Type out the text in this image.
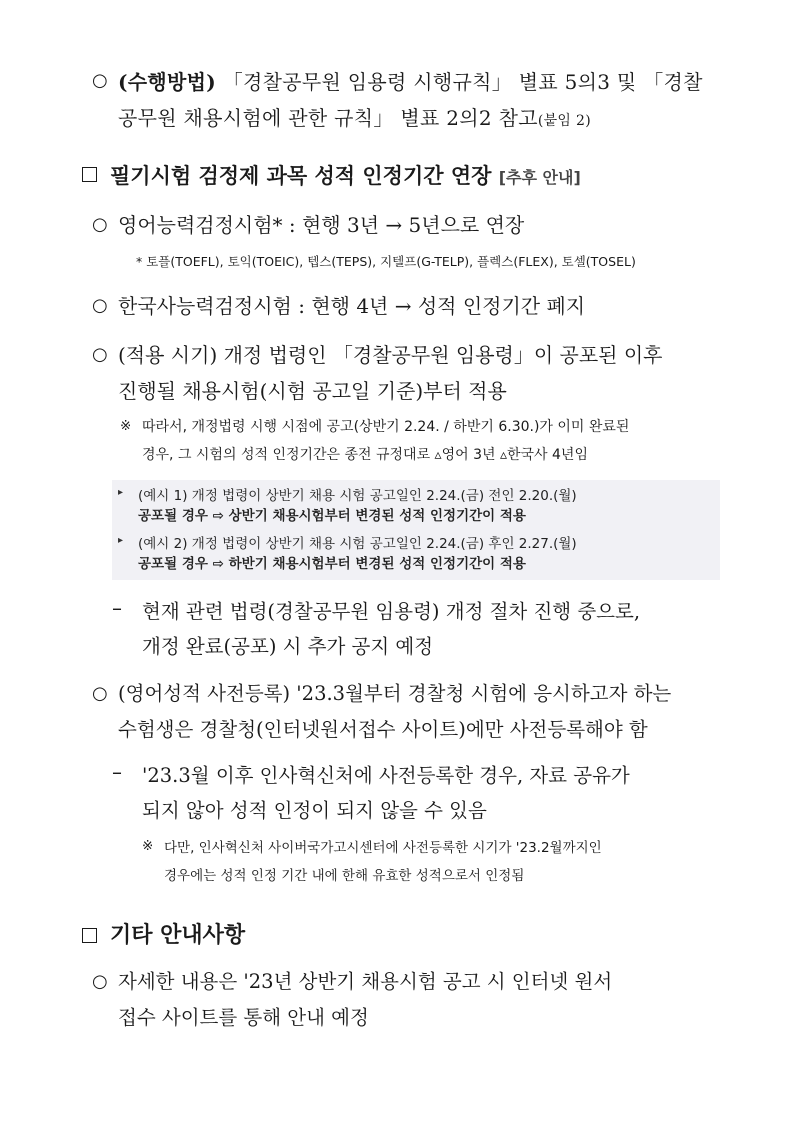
○ (수행방법) 「경찰공무원 임용령 시행규칙」 별표 5의3 및 「경찰
공무원 채용시험에 관한 규칙」 별표 2의2 참고(붙임 2)
필기시험 검정제 과목 성적 인정기간 연장 [추후 안내]
○ 영어능력검정시험* : 현행 3년 → 5년으로 연장
* 토플(TOEFL), 토익(TOEIC), 텝스(TEPS), 지텔프(G-TELP), 플렉스(FLEX), 토셀(TOSEL)
○ 한국사능력검정시험 : 현행 4년 → 성적 인정기간 폐지
○ (적용 시기) 개정 법령인 「경찰공무원 임용령」이 공포된 이후
진행될 채용시험(시험 공고일 기준)부터 적용
※ 따라서, 개정법령 시행 시점에 공고(상반기 2.24. / 하반기 6.30.)가 이미 완료된
경우, 그 시험의 성적 인정기간은 종전 규정대로 ▵영어 3년 ▵한국사 4년임
▸ (예시 1) 개정 법령이 상반기 채용 시험 공고일인 2.24.(금) 전인 2.20.(월)
공포될 경우 ⇨ 상반기 채용시험부터 변경된 성적 인정기간이 적용
▸ (예시 2) 개정 법령이 상반기 채용 시험 공고일인 2.24.(금) 후인 2.27.(월)
공포될 경우 ⇨ 하반기 채용시험부터 변경된 성적 인정기간이 적용
– 현재 관련 법령(경찰공무원 임용령) 개정 절차 진행 중으로,
개정 완료(공포) 시 추가 공지 예정
○ (영어성적 사전등록) '23.3월부터 경찰청 시험에 응시하고자 하는
수험생은 경찰청(인터넷원서접수 사이트)에만 사전등록해야 함
– '23.3월 이후 인사혁신처에 사전등록한 경우, 자료 공유가
되지 않아 성적 인정이 되지 않을 수 있음
※ 다만, 인사혁신처 사이버국가고시센터에 사전등록한 시기가 '23.2월까지인
경우에는 성적 인정 기간 내에 한해 유효한 성적으로서 인정됨
기타 안내사항
○ 자세한 내용은 '23년 상반기 채용시험 공고 시 인터넷 원서
접수 사이트를 통해 안내 예정
